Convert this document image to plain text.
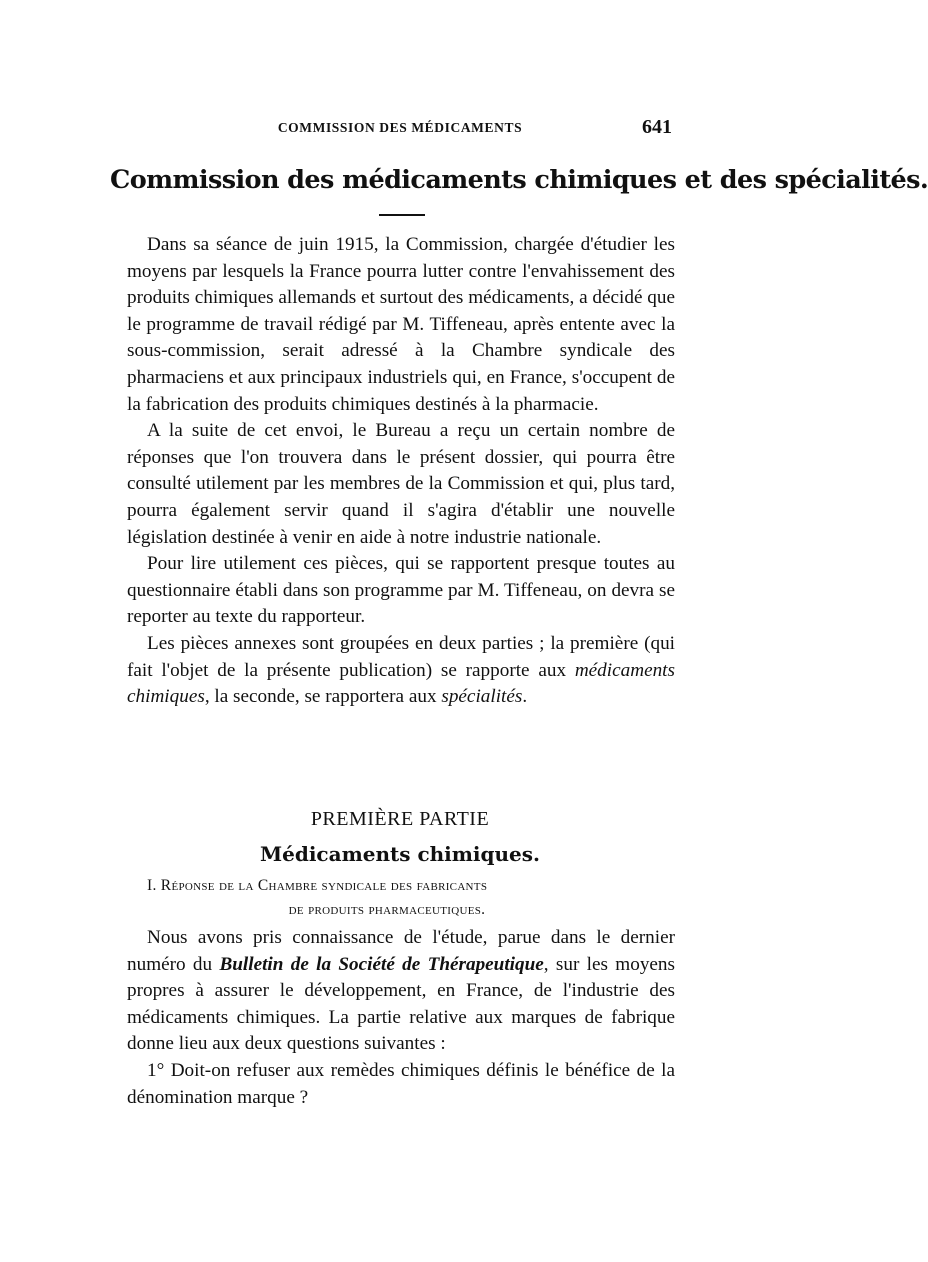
COMMISSION DES MÉDICAMENTS	641
Commission des médicaments chimiques et des spécialités.

Dans sa séance de juin 1915, la Commission, chargée d'étudier les moyens par lesquels la France pourra lutter contre l'envahissement des produits chimiques allemands et surtout des médicaments, a décidé que le programme de travail rédigé par M. Tiffeneau, après entente avec la sous-commission, serait adressé à la Chambre syndicale des pharmaciens et aux principaux industriels qui, en France, s'occupent de la fabrication des produits chimiques destinés à la pharmacie.

A la suite de cet envoi, le Bureau a reçu un certain nombre de réponses que l'on trouvera dans le présent dossier, qui pourra être consulté utilement par les membres de la Commission et qui, plus tard, pourra également servir quand il s'agira d'établir une nouvelle législation destinée à venir en aide à notre industrie nationale.

Pour lire utilement ces pièces, qui se rapportent presque toutes au questionnaire établi dans son programme par M. Tiffeneau, on devra se reporter au texte du rapporteur.

Les pièces annexes sont groupées en deux parties ; la première (qui fait l'objet de la présente publication) se rapporte aux médicaments chimiques, la seconde, se rapportera aux spécialités.

PREMIÈRE PARTIE
Médicaments chimiques.
I. Réponse de la Chambre syndicale des fabricants
de produits pharmaceutiques.

Nous avons pris connaissance de l'étude, parue dans le dernier numéro du Bulletin de la Société de Thérapeutique, sur les moyens propres à assurer le développement, en France, de l'industrie des médicaments chimiques. La partie relative aux marques de fabrique donne lieu aux deux questions suivantes :

1° Doit-on refuser aux remèdes chimiques définis le bénéfice de la dénomination marque ?
